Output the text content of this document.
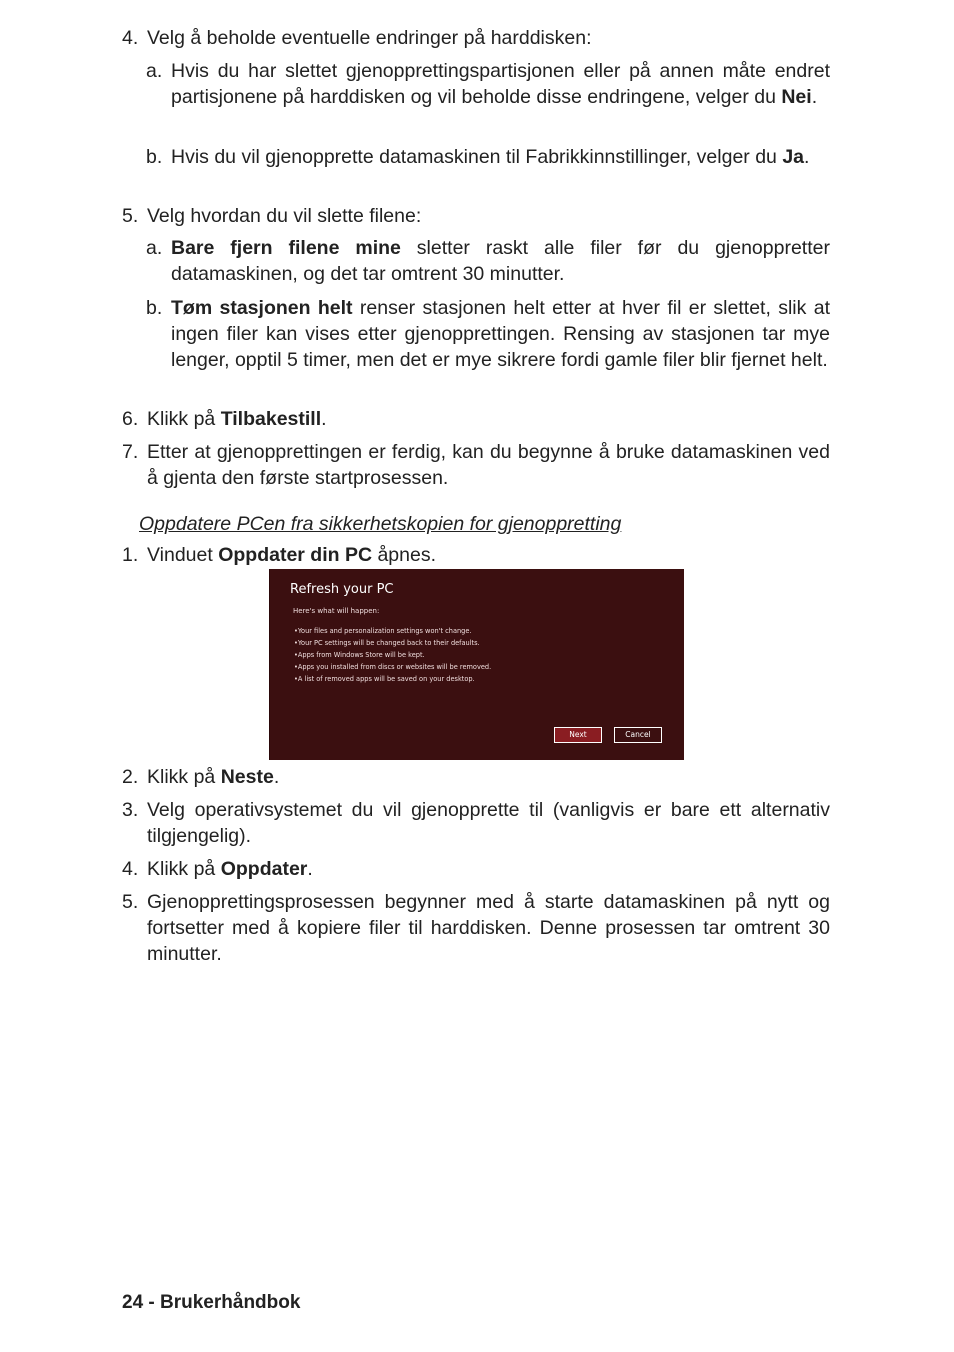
4. Velg å beholde eventuelle endringer på harddisken:
a. Hvis du har slettet gjenopprettingspartisjonen eller på annen måte endret partisjonene på harddisken og vil beholde disse endringene, velger du Nei.
b. Hvis du vil gjenopprette datamaskinen til Fabrikkinnstillinger, velger du Ja.
5. Velg hvordan du vil slette filene:
a. Bare fjern filene mine sletter raskt alle filer før du gjenoppretter datamaskinen, og det tar omtrent 30 minutter.
b. Tøm stasjonen helt renser stasjonen helt etter at hver fil er slettet, slik at ingen filer kan vises etter gjenopprettingen. Rensing av stasjonen tar mye lenger, opptil 5 timer, men det er mye sikrere fordi gamle filer blir fjernet helt.
6. Klikk på Tilbakestill.
7. Etter at gjenopprettingen er ferdig, kan du begynne å bruke datamaskinen ved å gjenta den første startprosessen.
Oppdatere PCen fra sikkerhetskopien for gjenoppretting
1. Vinduet Oppdater din PC åpnes.
Refresh your PC
Here's what will happen:
• Your files and personalization settings won't change.
• Your PC settings will be changed back to their defaults.
• Apps from Windows Store will be kept.
• Apps you installed from discs or websites will be removed.
• A list of removed apps will be saved on your desktop.
Next	Cancel
2. Klikk på Neste.
3. Velg operativsystemet du vil gjenopprette til (vanligvis er bare ett alternativ tilgjengelig).
4. Klikk på Oppdater.
5. Gjenopprettingsprosessen begynner med å starte datamaskinen på nytt og fortsetter med å kopiere filer til harddisken. Denne prosessen tar omtrent 30 minutter.
24 - Brukerhåndbok
